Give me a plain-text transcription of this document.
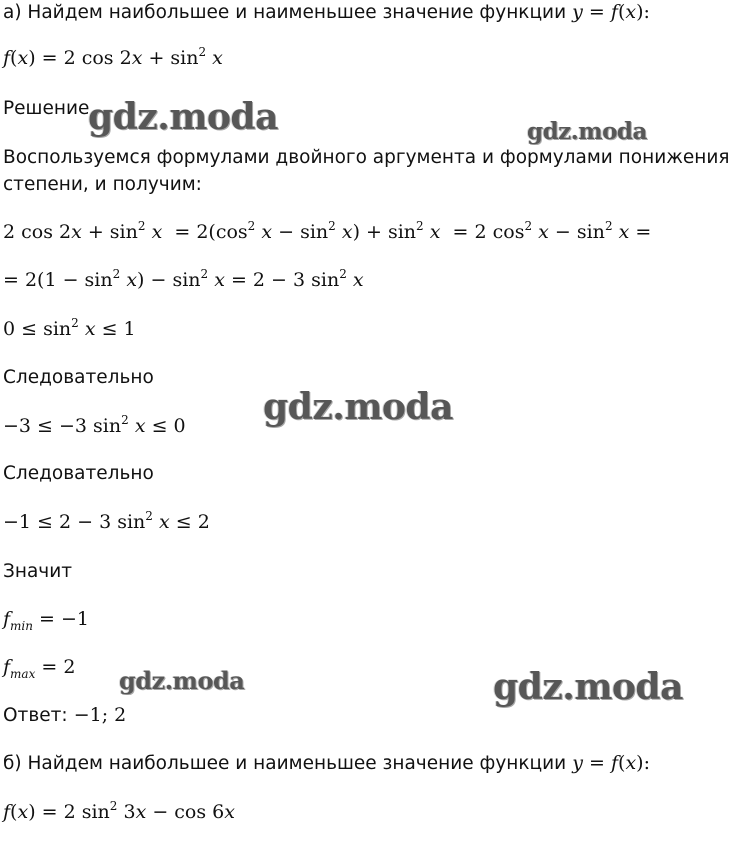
а) Найдем наибольшее и наименьшее значение функции y = f(x):
f(x) = 2 $\cos 2x + \sin^2 x$
Решение
Воспользуемся формулами двойного аргумента и формулами понижения
степени, и получим:
2 $\cos 2x + \sin^2 x = 2(\cos^2$ $x - \sin^2 x) + \sin^2 x = 2$ $\cos^2 x - \sin^2 x$ =
= $2(1 - \sin^2 x) - \sin^2 x = 2 - 3$ $\sin^2 x$
$0 \le \sin^2 x \le 1$
Следовательно
−3 ≤ −3 $\sin^2 x \le 0$
Следовательно
−1 ≤ 2 − 3 $\sin^2 x \le 2$
Значит
$f_{min} = -1$
$f_{max} = 2$
Ответ: −1; 2
б) Найдем наибольшее и наименьшее значение функции y = f(x):
f(x) = 2 $\sin^2 3x - \cos 6x$
gdz.moda	gdz.moda
gdz.moda
gdz.moda	gdz.moda
